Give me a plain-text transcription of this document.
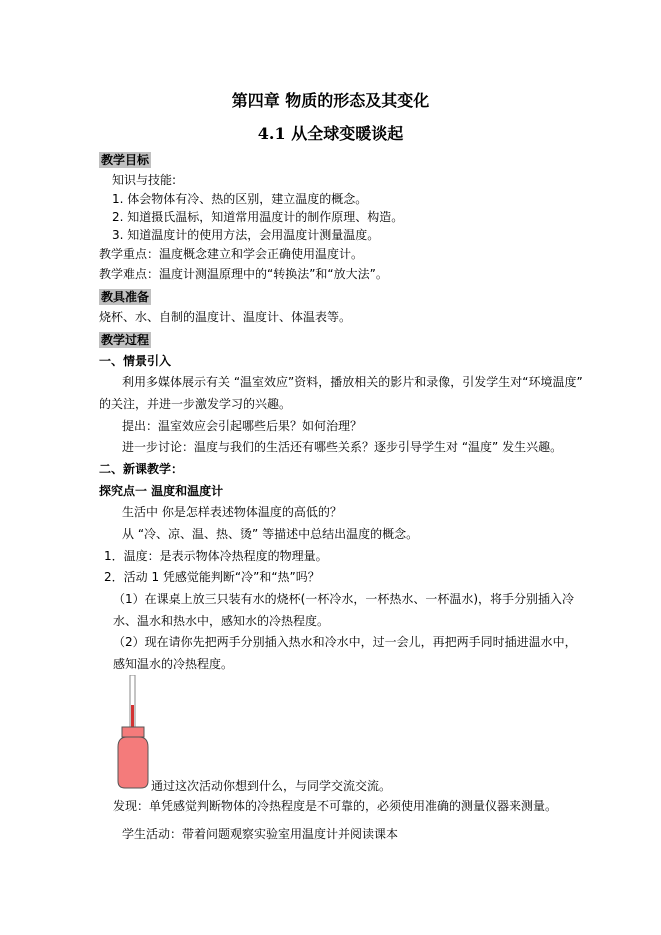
第四章 物质的形态及其变化
4.1 从全球变暖谈起
教学目标
知识与技能:
1. 体会物体有冷、热的区别，建立温度的概念。
2. 知道摄氏温标，知道常用温度计的制作原理、构造。
3. 知道温度计的使用方法，会用温度计测量温度。
教学重点：温度概念建立和学会正确使用温度计。
教学难点：温度计测温原理中的“转换法”和“放大法”。
教具准备
烧杯、水、自制的温度计、温度计、体温表等。
教学过程
一、情景引入
利用多媒体展示有关 “温室效应”资料，播放相关的影片和录像，引发学生对“环境温度”
的关注，并进一步激发学习的兴趣。
提出：温室效应会引起哪些后果？如何治理？
进一步讨论：温度与我们的生活还有哪些关系？逐步引导学生对 “温度” 发生兴趣。
二、新课教学：
探究点一 温度和温度计
生活中 你是怎样表述物体温度的高低的？
从 “冷、凉、温、热、烫” 等描述中总结出温度的概念。
1．温度：是表示物体冷热程度的物理量。
2．活动 1 凭感觉能判断“冷”和“热”吗？
（1）在课桌上放三只装有水的烧杯(一杯冷水，一杯热水、一杯温水)，将手分别插入冷
水、温水和热水中，感知水的冷热程度。
（2）现在请你先把两手分别插入热水和冷水中，过一会儿，再把两手同时插进温水中，
感知温水的冷热程度。
通过这次活动你想到什么，与同学交流交流。
发现：单凭感觉判断物体的冷热程度是不可靠的，必须使用准确的测量仪器来测量。
学生活动：带着问题观察实验室用温度计并阅读课本
